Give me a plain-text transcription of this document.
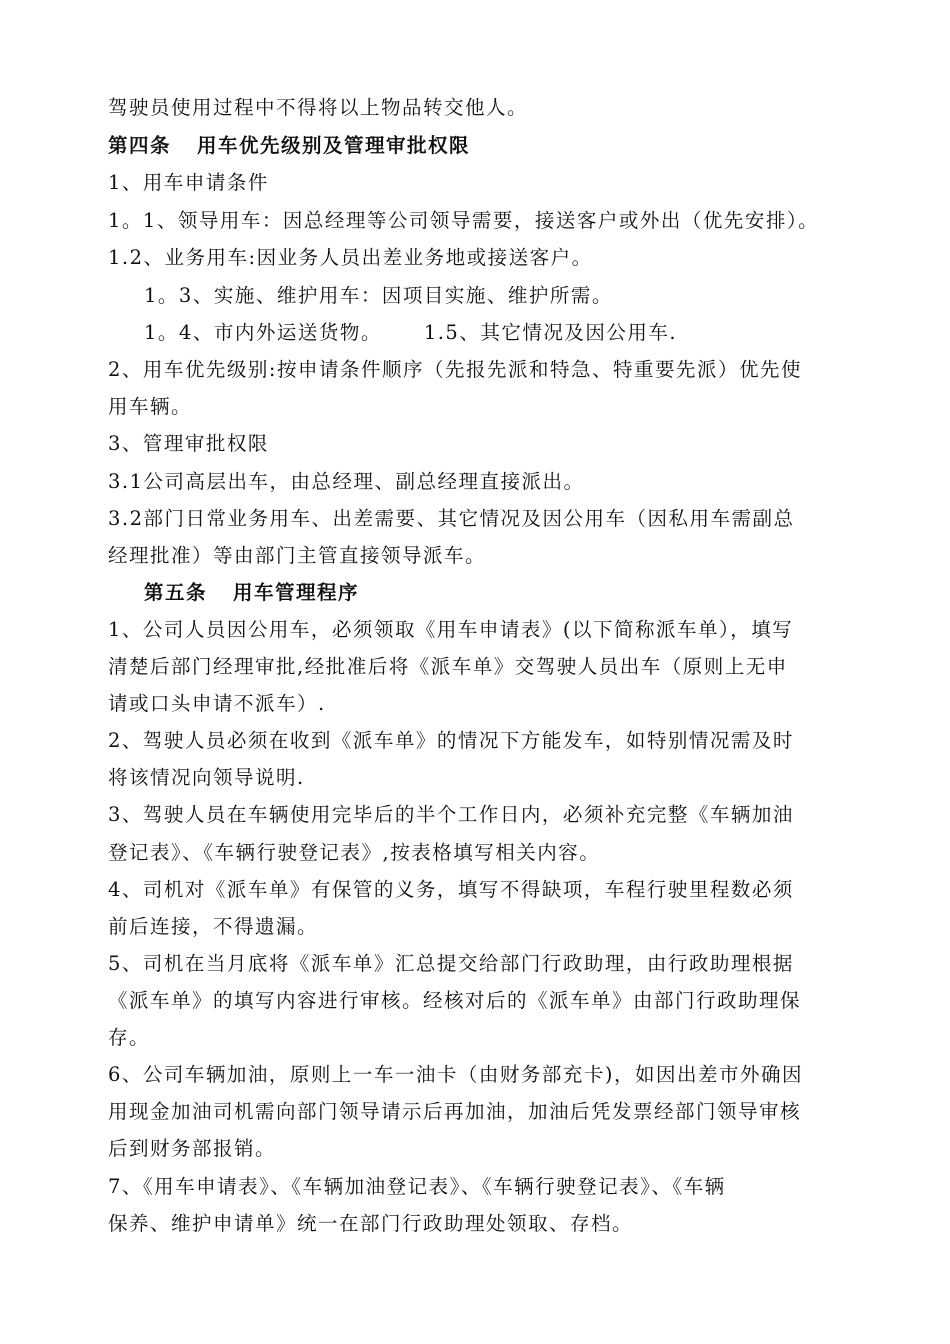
驾驶员使用过程中不得将以上物品转交他人。
第四条 用车优先级别及管理审批权限
1、用车申请条件
1。1、领导用车：因总经理等公司领导需要，接送客户或外出（优先安排）。
1.2、业务用车:因业务人员出差业务地或接送客户。
1。3、实施、维护用车：因项目实施、维护所需。
1。4、市内外运送货物。 1.5、其它情况及因公用车.
2、用车优先级别:按申请条件顺序（先报先派和特急、特重要先派）优先使
用车辆。
3、管理审批权限
3.1公司高层出车，由总经理、副总经理直接派出。
3.2部门日常业务用车、出差需要、其它情况及因公用车（因私用车需副总
经理批准）等由部门主管直接领导派车。
第五条 用车管理程序
1、公司人员因公用车，必须领取《用车申请表》(以下简称派车单），填写
清楚后部门经理审批,经批准后将《派车单》交驾驶人员出车（原则上无申
请或口头申请不派车）.
2、驾驶人员必须在收到《派车单》的情况下方能发车，如特别情况需及时
将该情况向领导说明.
3、驾驶人员在车辆使用完毕后的半个工作日内，必须补充完整《车辆加油
登记表》、《车辆行驶登记表》,按表格填写相关内容。
4、司机对《派车单》有保管的义务，填写不得缺项，车程行驶里程数必须
前后连接，不得遗漏。
5、司机在当月底将《派车单》汇总提交给部门行政助理，由行政助理根据
《派车单》的填写内容进行审核。经核对后的《派车单》由部门行政助理保
存。
6、公司车辆加油，原则上一车一油卡（由财务部充卡)，如因出差市外确因
用现金加油司机需向部门领导请示后再加油，加油后凭发票经部门领导审核
后到财务部报销。
7、《用车申请表》、《车辆加油登记表》、《车辆行驶登记表》、《车辆
保养、维护申请单》统一在部门行政助理处领取、存档。
